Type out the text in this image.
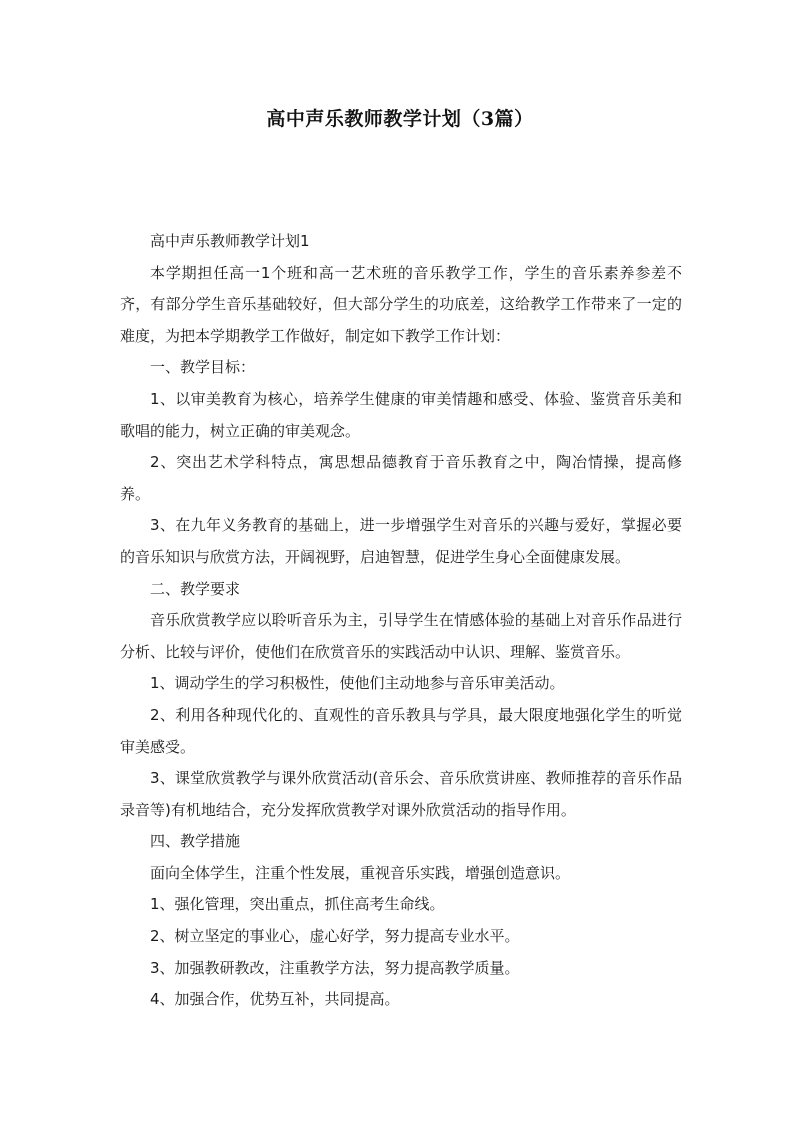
高中声乐教师教学计划（3篇）

高中声乐教师教学计划1

本学期担任高一1个班和高一艺术班的音乐教学工作，学生的音乐素养参差不齐，有部分学生音乐基础较好，但大部分学生的功底差，这给教学工作带来了一定的难度，为把本学期教学工作做好，制定如下教学工作计划：

一、教学目标：

1、以审美教育为核心，培养学生健康的审美情趣和感受、体验、鉴赏音乐美和歌唱的能力，树立正确的审美观念。

2、突出艺术学科特点，寓思想品德教育于音乐教育之中，陶冶情操，提高修养。

3、在九年义务教育的基础上，进一步增强学生对音乐的兴趣与爱好，掌握必要的音乐知识与欣赏方法，开阔视野，启迪智慧，促进学生身心全面健康发展。

二、教学要求

音乐欣赏教学应以聆听音乐为主，引导学生在情感体验的基础上对音乐作品进行分析、比较与评价，使他们在欣赏音乐的实践活动中认识、理解、鉴赏音乐。

1、调动学生的学习积极性，使他们主动地参与音乐审美活动。

2、利用各种现代化的、直观性的音乐教具与学具，最大限度地强化学生的听觉审美感受。

3、课堂欣赏教学与课外欣赏活动(音乐会、音乐欣赏讲座、教师推荐的音乐作品录音等)有机地结合，充分发挥欣赏教学对课外欣赏活动的指导作用。

四、教学措施

面向全体学生，注重个性发展，重视音乐实践，增强创造意识。

1、强化管理，突出重点，抓住高考生命线。

2、树立坚定的事业心，虚心好学，努力提高专业水平。

3、加强教研教改，注重教学方法，努力提高教学质量。

4、加强合作，优势互补，共同提高。
